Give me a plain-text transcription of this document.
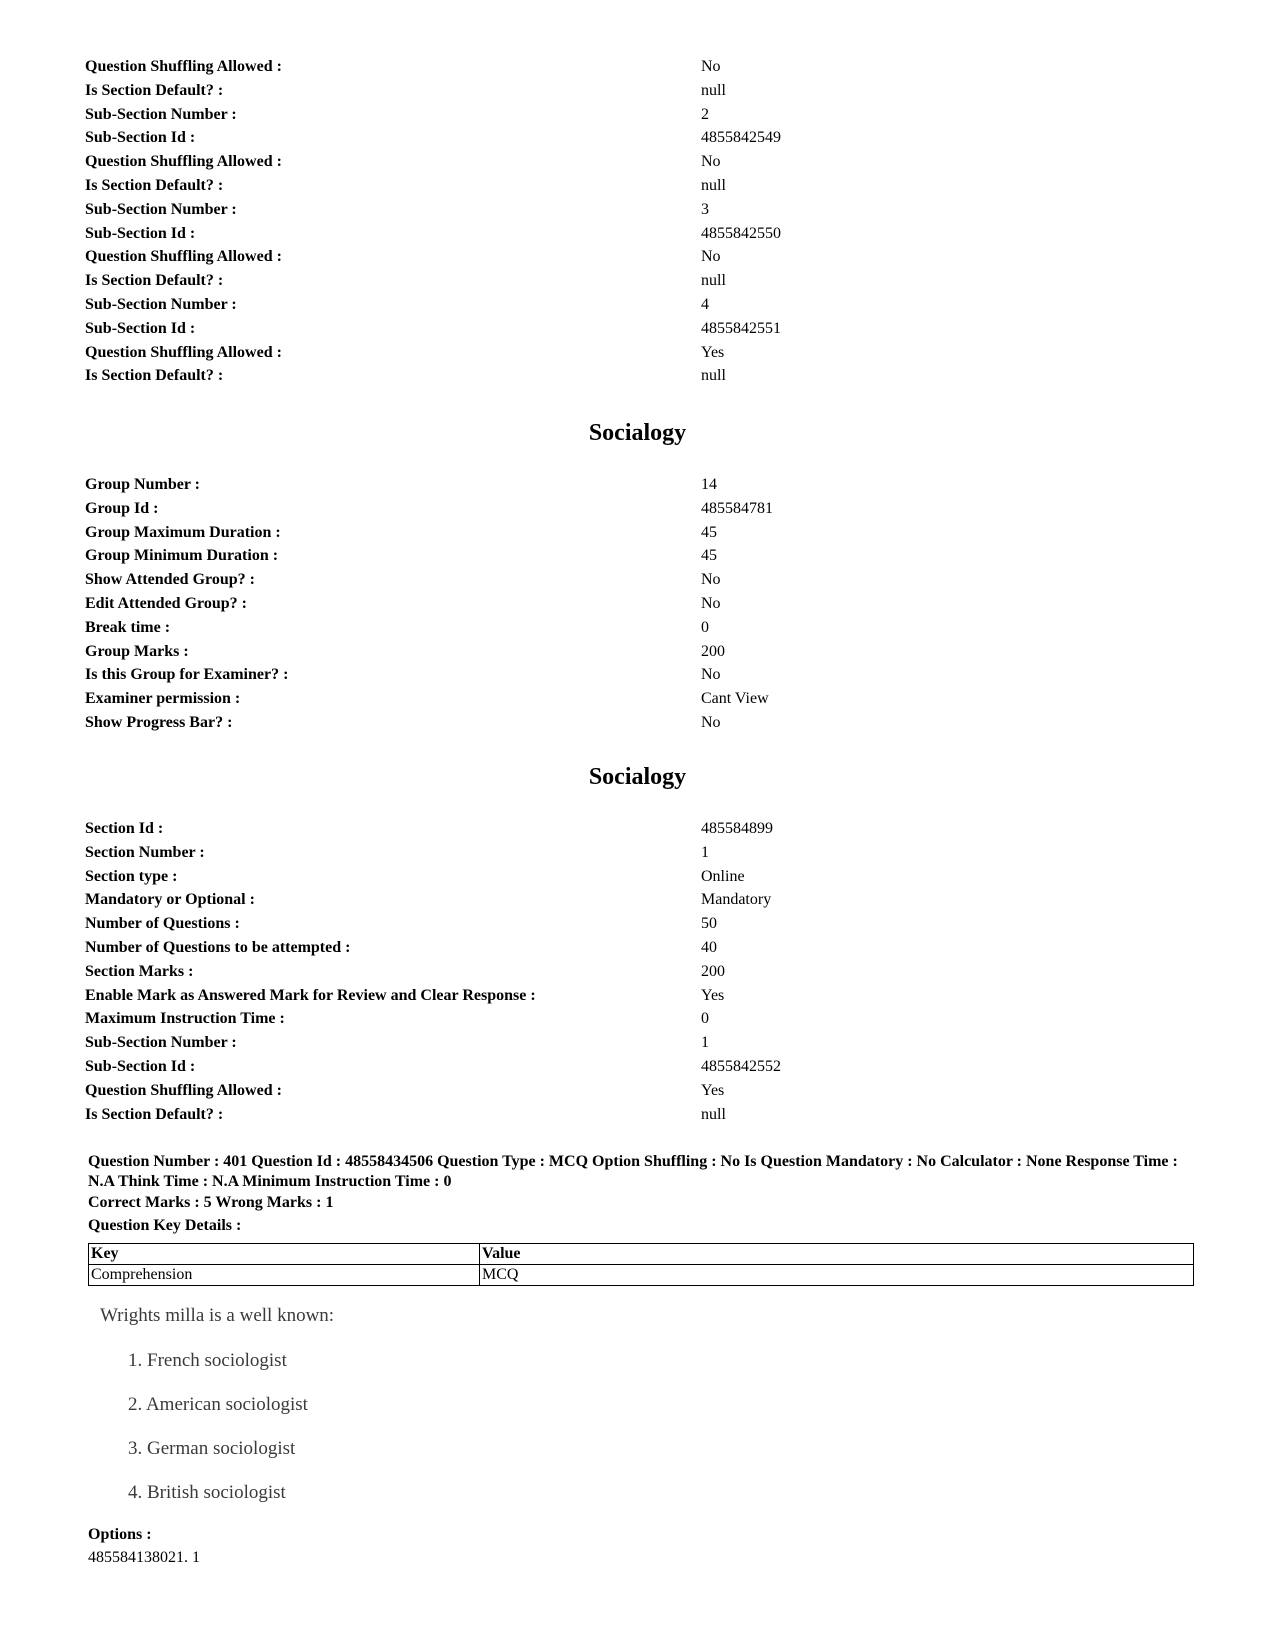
Question Shuffling Allowed :	No
Is Section Default? :	null
Sub-Section Number :	2
Sub-Section Id :	4855842549
Question Shuffling Allowed :	No
Is Section Default? :	null
Sub-Section Number :	3
Sub-Section Id :	4855842550
Question Shuffling Allowed :	No
Is Section Default? :	null
Sub-Section Number :	4
Sub-Section Id :	4855842551
Question Shuffling Allowed :	Yes
Is Section Default? :	null
Socialogy
Group Number :	14
Group Id :	485584781
Group Maximum Duration :	45
Group Minimum Duration :	45
Show Attended Group? :	No
Edit Attended Group? :	No
Break time :	0
Group Marks :	200
Is this Group for Examiner? :	No
Examiner permission :	Cant View
Show Progress Bar? :	No
Socialogy
Section Id :	485584899
Section Number :	1
Section type :	Online
Mandatory or Optional :	Mandatory
Number of Questions :	50
Number of Questions to be attempted :	40
Section Marks :	200
Enable Mark as Answered Mark for Review and Clear Response :	Yes
Maximum Instruction Time :	0
Sub-Section Number :	1
Sub-Section Id :	4855842552
Question Shuffling Allowed :	Yes
Is Section Default? :	null
Question Number : 401 Question Id : 48558434506 Question Type : MCQ Option Shuffling : No Is Question Mandatory : No Calculator : None Response Time : N.A Think Time : N.A Minimum Instruction Time : 0
Correct Marks : 5 Wrong Marks : 1
Question Key Details :
Key	Value
Comprehension	MCQ
Wrights milla is a well known:
1. French sociologist
2. American sociologist
3. German sociologist
4. British sociologist
Options :
485584138021. 1
